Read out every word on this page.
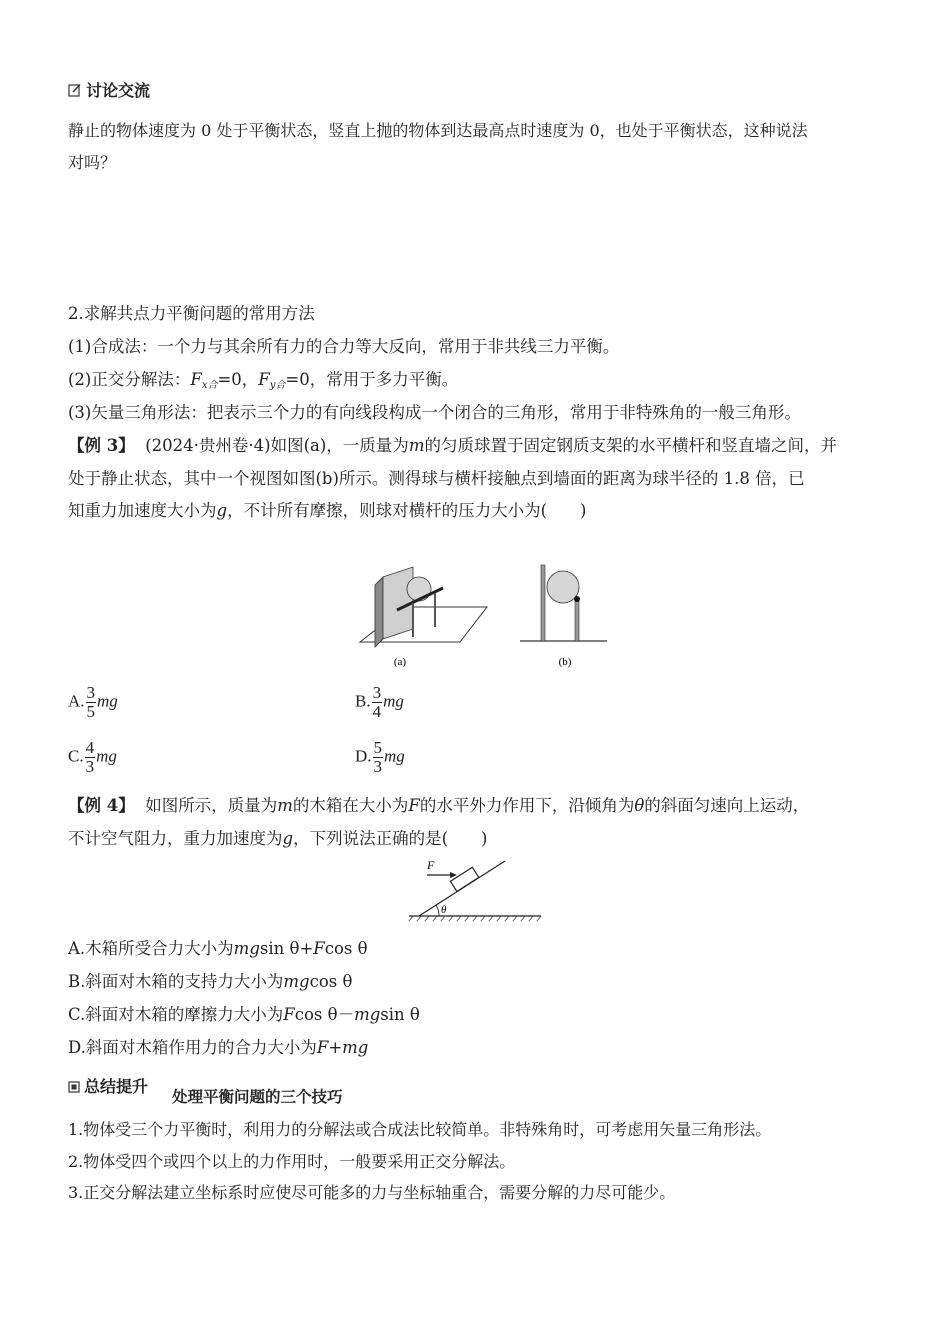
讨论交流
静止的物体速度为 0 处于平衡状态，竖直上抛的物体到达最高点时速度为 0，也处于平衡状态，这种说法
对吗？
2.求解共点力平衡问题的常用方法
(1)合成法：一个力与其余所有力的合力等大反向，常用于非共线三力平衡。
(2)正交分解法：$F_{x合}=0$，$F_{y合}=0$，常用于多力平衡。
(3)矢量三角形法：把表示三个力的有向线段构成一个闭合的三角形，常用于非特殊角的一般三角形。
【例 3】 (2024·贵州卷·4)如图(a)，一质量为m的匀质球置于固定钢质支架的水平横杆和竖直墙之间，并
处于静止状态，其中一个视图如图(b)所示。测得球与横杆接触点到墙面的距离为球半径的 1.8 倍，已
知重力加速度大小为g，不计所有摩擦，则球对横杆的压力大小为(　　)
(a)	(b)
A. $\frac{3}{5}$ mg	B. $\frac{3}{4}$ mg
C. $\frac{4}{3}$ mg	D. $\frac{5}{3}$ mg
【例 4】 如图所示，质量为m的木箱在大小为F的水平外力作用下，沿倾角为θ的斜面匀速向上运动，
不计空气阻力，重力加速度为g，下列说法正确的是(　　)
F
θ
A.木箱所受合力大小为mgsin θ+Fcos θ
B.斜面对木箱的支持力大小为mgcos θ
C.斜面对木箱的摩擦力大小为Fcos θ－mgsin θ
D.斜面对木箱作用力的合力大小为F+mg
总结提升
处理平衡问题的三个技巧
1.物体受三个力平衡时，利用力的分解法或合成法比较简单。非特殊角时，可考虑用矢量三角形法。
2.物体受四个或四个以上的力作用时，一般要采用正交分解法。
3.正交分解法建立坐标系时应使尽可能多的力与坐标轴重合，需要分解的力尽可能少。
